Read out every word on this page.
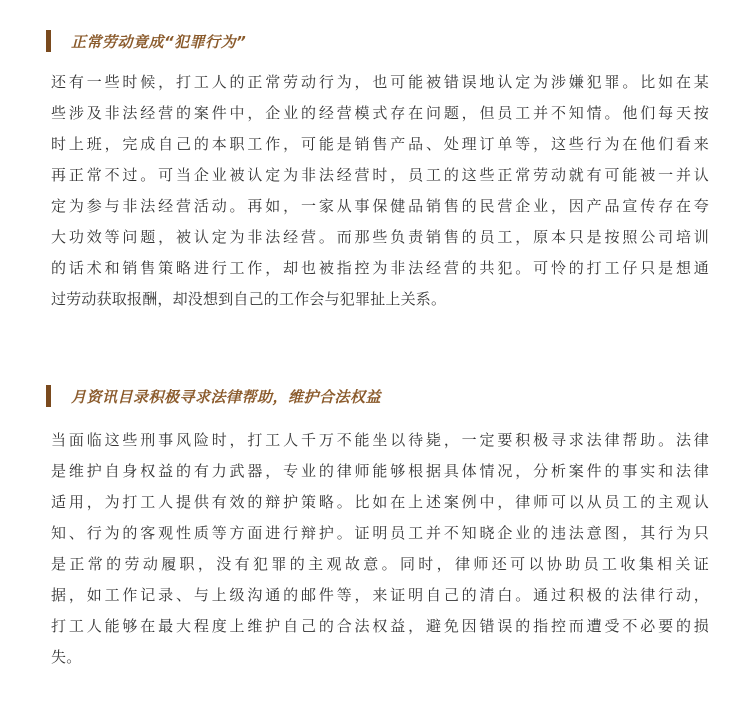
正常劳动竟成“犯罪行为”
还有一些时候，打工人的正常劳动行为，也可能被错误地认定为涉嫌犯罪。比如在某
些涉及非法经营的案件中，企业的经营模式存在问题，但员工并不知情。他们每天按
时上班，完成自己的本职工作，可能是销售产品、处理订单等，这些行为在他们看来
再正常不过。可当企业被认定为非法经营时，员工的这些正常劳动就有可能被一并认
定为参与非法经营活动。再如，一家从事保健品销售的民营企业，因产品宣传存在夸
大功效等问题，被认定为非法经营。而那些负责销售的员工，原本只是按照公司培训
的话术和销售策略进行工作，却也被指控为非法经营的共犯。可怜的打工仔只是想通
过劳动获取报酬，却没想到自己的工作会与犯罪扯上关系。
月资讯目录积极寻求法律帮助，维护合法权益
当面临这些刑事风险时，打工人千万不能坐以待毙，一定要积极寻求法律帮助。法律
是维护自身权益的有力武器，专业的律师能够根据具体情况，分析案件的事实和法律
适用，为打工人提供有效的辩护策略。比如在上述案例中，律师可以从员工的主观认
知、行为的客观性质等方面进行辩护。证明员工并不知晓企业的违法意图，其行为只
是正常的劳动履职，没有犯罪的主观故意。同时，律师还可以协助员工收集相关证
据，如工作记录、与上级沟通的邮件等，来证明自己的清白。通过积极的法律行动，
打工人能够在最大程度上维护自己的合法权益，避免因错误的指控而遭受不必要的损
失。
